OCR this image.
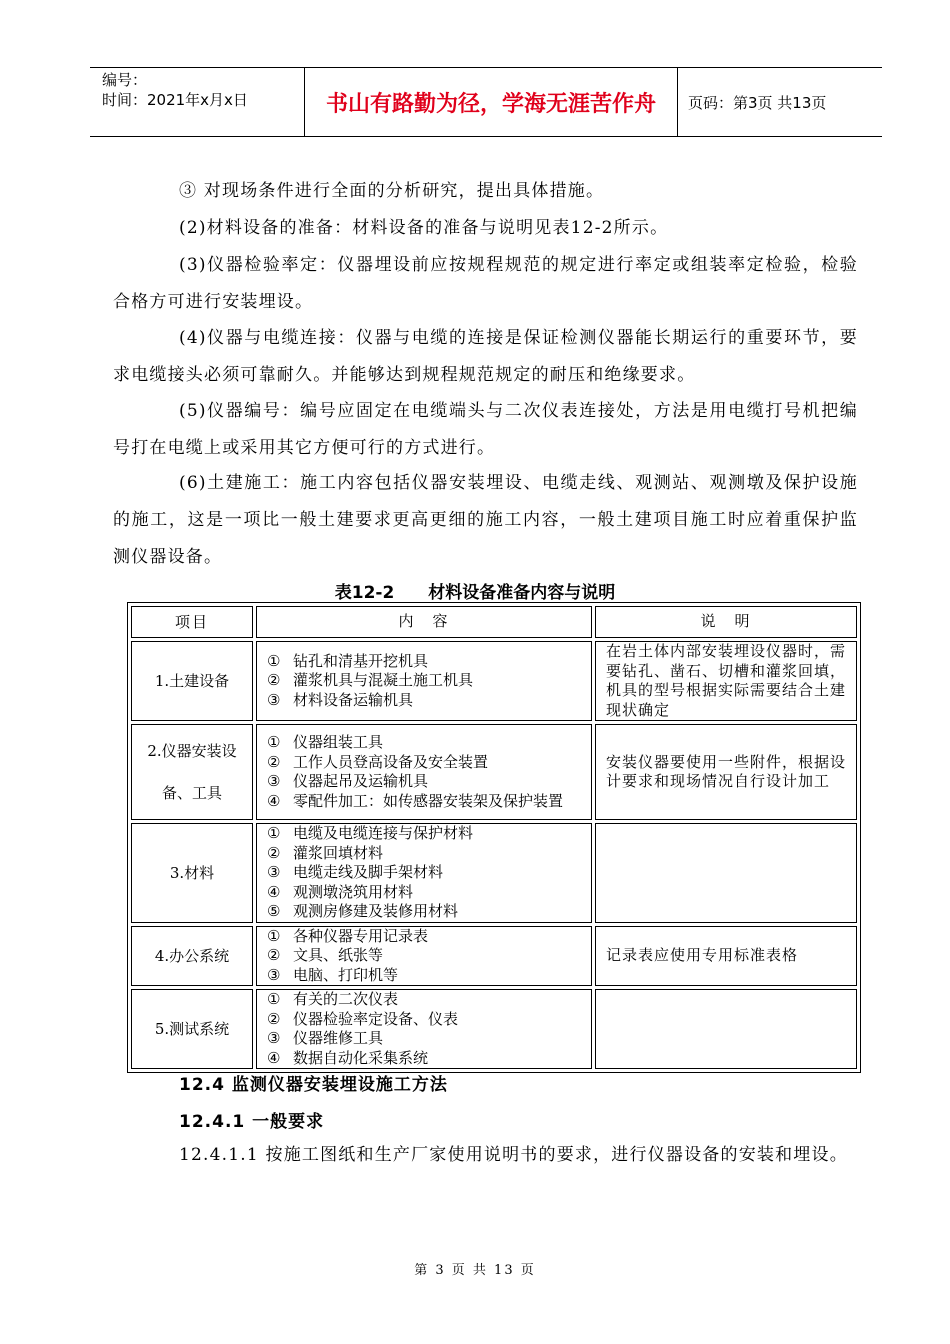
编号：
时间：2021年x月x日	书山有路勤为径，学海无涯苦作舟	页码：第3页 共13页

③ 对现场条件进行全面的分析研究，提出具体措施。

(2)材料设备的准备：材料设备的准备与说明见表12-2所示。

(3)仪器检验率定：仪器埋设前应按规程规范的规定进行率定或组装率定检验，检验合格方可进行安装埋设。

(4)仪器与电缆连接：仪器与电缆的连接是保证检测仪器能长期运行的重要环节，要求电缆接头必须可靠耐久。并能够达到规程规范规定的耐压和绝缘要求。

(5)仪器编号：编号应固定在电缆端头与二次仪表连接处，方法是用电缆打号机把编号打在电缆上或采用其它方便可行的方式进行。

(6)土建施工：施工内容包括仪器安装埋设、电缆走线、观测站、观测墩及保护设施的施工，这是一项比一般土建要求更高更细的施工内容，一般土建项目施工时应着重保护监测仪器设备。

表12-2 材料设备准备内容与说明
项目	内　容	说　明
1.土建设备	① 钻孔和清基开挖机具
② 灌浆机具与混凝土施工机具
③ 材料设备运输机具	在岩土体内部安装埋设仪器时，需要钻孔、凿石、切槽和灌浆回填，机具的型号根据实际需要结合土建现状确定
2.仪器安装设备、工具	① 仪器组装工具
② 工作人员登高设备及安全装置
③ 仪器起吊及运输机具
④ 零配件加工：如传感器安装架及保护装置	安装仪器要使用一些附件，根据设计要求和现场情况自行设计加工
3.材料	① 电缆及电缆连接与保护材料
② 灌浆回填材料
③ 电缆走线及脚手架材料
④ 观测墩浇筑用材料
⑤ 观测房修建及装修用材料	

4.办公系统	① 各种仪器专用记录表
② 文具、纸张等
③ 电脑、打印机等	记录表应使用专用标准表格
5.测试系统	① 有关的二次仪表
② 仪器检验率定设备、仪表
③ 仪器维修工具
④ 数据自动化采集系统	

12.4 监测仪器安装埋设施工方法

12.4.1 一般要求

12.4.1.1 按施工图纸和生产厂家使用说明书的要求，进行仪器设备的安装和埋设。

第 3 页 共 13 页
